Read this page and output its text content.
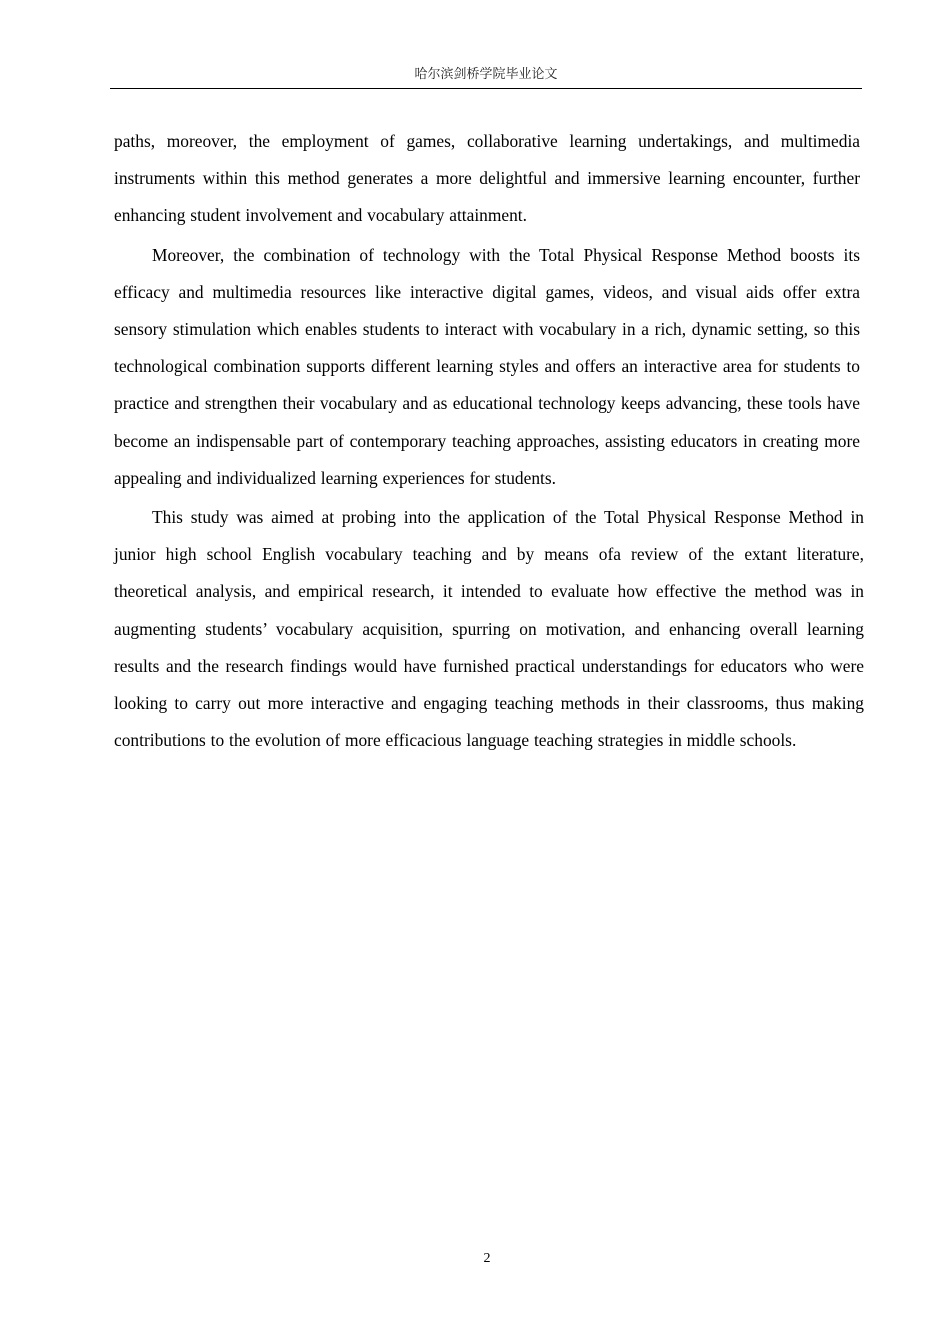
哈尔滨剑桥学院毕业论文

paths, moreover, the employment of games, collaborative learning undertakings, and multimedia instruments within this method generates a more delightful and immersive learning encounter, further enhancing student involvement and vocabulary attainment.

Moreover, the combination of technology with the Total Physical Response Method boosts its efficacy and multimedia resources like interactive digital games, videos, and visual aids offer extra sensory stimulation which enables students to interact with vocabulary in a rich, dynamic setting, so this technological combination supports different learning styles and offers an interactive area for students to practice and strengthen their vocabulary and as educational technology keeps advancing, these tools have become an indispensable part of contemporary teaching approaches, assisting educators in creating more appealing and individualized learning experiences for students.

This study was aimed at probing into the application of the Total Physical Response Method in junior high school English vocabulary teaching and by means ofa review of the extant literature, theoretical analysis, and empirical research, it intended to evaluate how effective the method was in augmenting students’ vocabulary acquisition, spurring on motivation, and enhancing overall learning results and the research findings would have furnished practical understandings for educators who were looking to carry out more interactive and engaging teaching methods in their classrooms, thus making contributions to the evolution of more efficacious language teaching strategies in middle schools.

2
